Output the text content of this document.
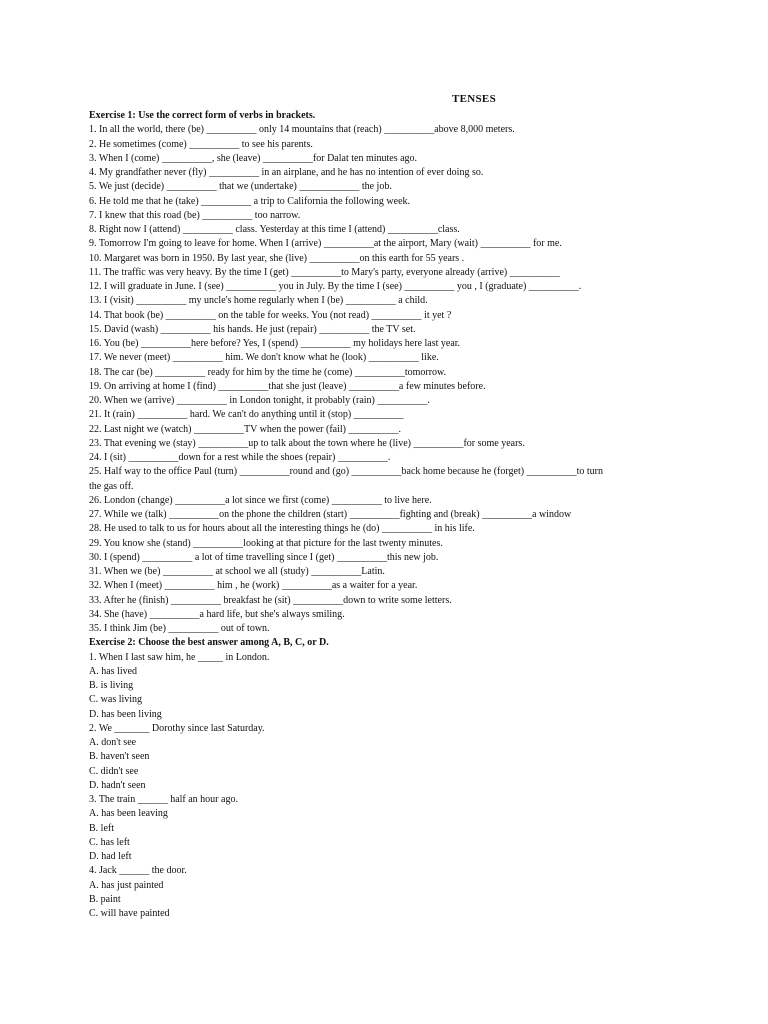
TENSES
Exercise 1: Use the correct form of verbs in brackets.
1. In all the world, there (be) __________ only 14 mountains that (reach) __________above 8,000 meters.
2. He sometimes (come) __________ to see his parents.
3. When I (come) __________, she (leave) __________for Dalat ten minutes ago.
4. My grandfather never (fly) __________ in an airplane, and he has no intention of ever doing so.
5. We just (decide) __________ that we (undertake) ____________ the job.
6. He told me that he (take) __________ a trip to California the following week.
7. I knew that this road (be) __________ too narrow.
8. Right now I (attend) __________ class. Yesterday at this time I (attend) __________class.
9. Tomorrow I'm going to leave for home. When I (arrive) __________at the airport, Mary (wait) __________ for me.
10. Margaret was born in 1950. By last year, she (live) __________on this earth for 55 years .
11. The traffic was very heavy. By the time I (get) __________to Mary's party, everyone already (arrive) __________
12. I will graduate in June. I (see) __________ you in July. By the time I (see) __________ you , I (graduate) __________.
13. I (visit) __________ my uncle's home regularly when I (be) __________ a child.
14. That book (be) __________ on the table for weeks. You (not read) __________ it yet ?
15. David (wash) __________ his hands. He just (repair) __________ the TV set.
16. You (be) __________here before? Yes, I (spend) __________ my holidays here last year.
17. We never (meet) __________ him. We don't know what he (look) __________ like.
18. The car (be) __________ ready for him by the time he (come) __________tomorrow.
19. On arriving at home I (find) __________that she just (leave) __________a few minutes before.
20. When we (arrive) __________ in London tonight, it probably (rain) __________.
21. It (rain) __________ hard. We can't do anything until it (stop) __________
22. Last night we (watch) __________TV when the power (fail) __________.
23. That evening we (stay) __________up to talk about the town where he (live) __________for some years.
24. I (sit) __________down for a rest while the shoes (repair) __________.
25. Half way to the office Paul (turn) __________round and (go) __________back home because he (forget) __________to turn
the gas off.
26. London (change) __________a lot since we first (come) __________ to live here.
27. While we (talk) __________on the phone the children (start) __________fighting and (break) __________a window
28. He used to talk to us for hours about all the interesting things he (do) __________ in his life.
29. You know she (stand) __________looking at that picture for the last twenty minutes.
30. I (spend) __________ a lot of time travelling since I (get) __________this new job.
31. When we (be) __________ at school we all (study) __________Latin.
32. When I (meet) __________ him , he (work) __________as a waiter for a year.
33. After he (finish) __________ breakfast he (sit) __________down to write some letters.
34. She (have) __________a hard life, but she's always smiling.
35. I think Jim (be) __________ out of town.
Exercise 2: Choose the best answer among A, B, C, or D.
1. When I last saw him, he _____ in London.
A. has lived
B. is living
C. was living
D. has been living
2. We _______ Dorothy since last Saturday.
A. don't see
B. haven't seen
C. didn't see
D. hadn't seen
3. The train ______ half an hour ago.
A. has been leaving
B. left
C. has left
D. had left
4. Jack ______ the door.
A. has just painted
B. paint
C. will have painted
